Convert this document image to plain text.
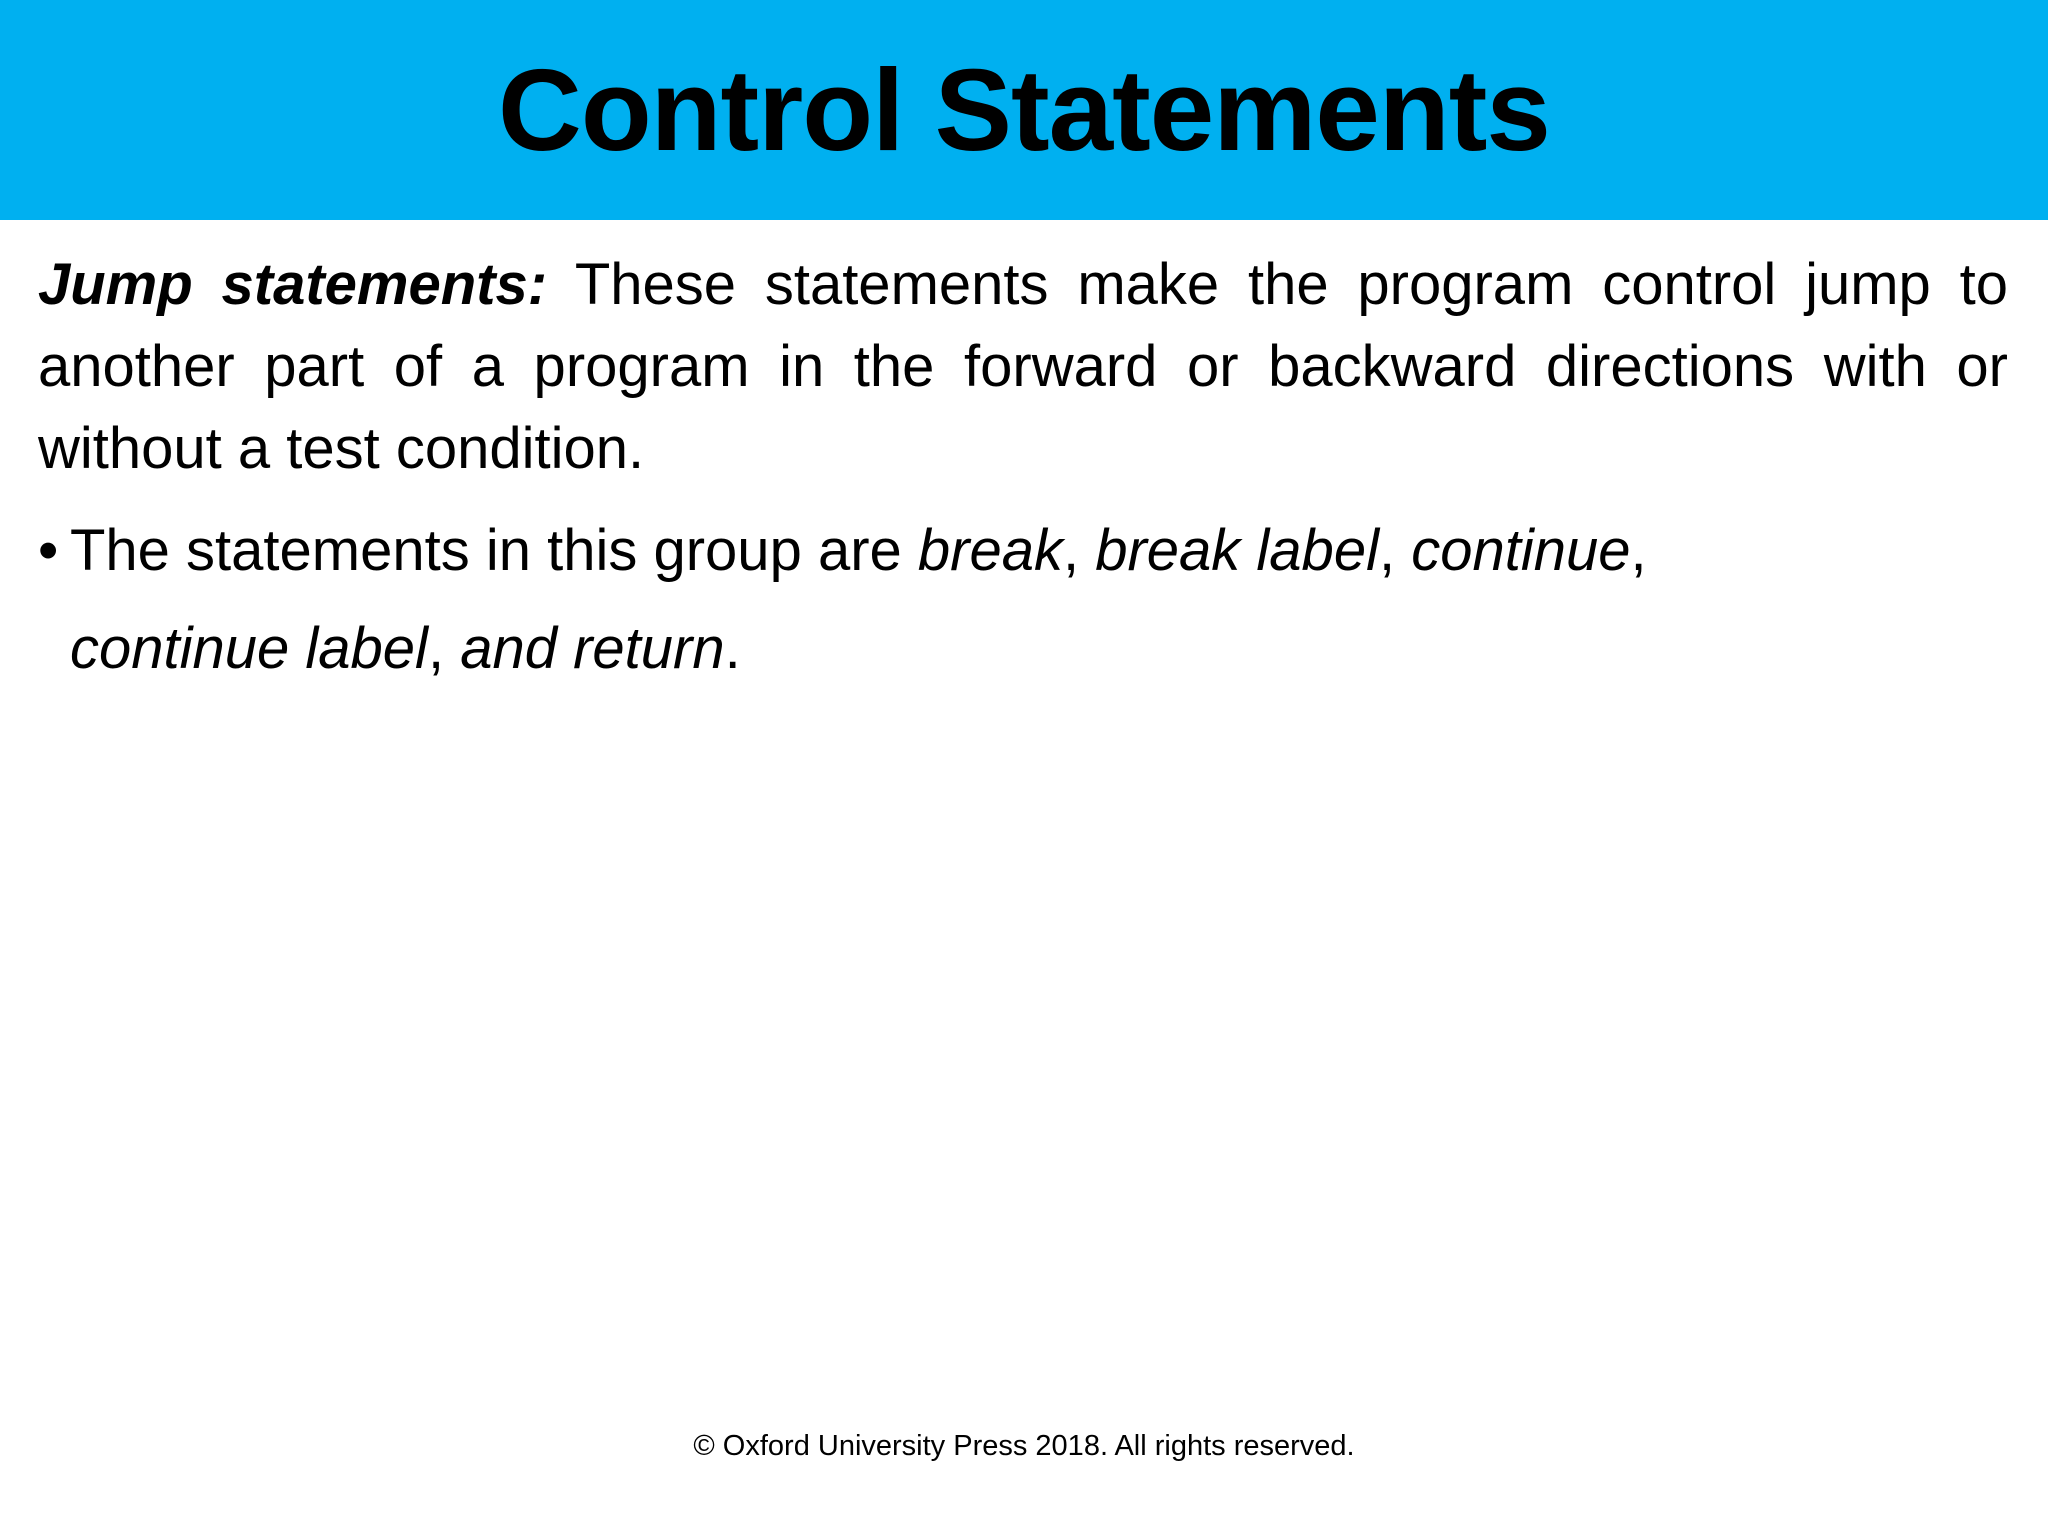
Control Statements

Jump statements: These statements make the program control jump to another part of a program in the forward or backward directions with or without a test condition.

• The statements in this group are break, break label, continue, continue label, and return.
© Oxford University Press 2018. All rights reserved.
